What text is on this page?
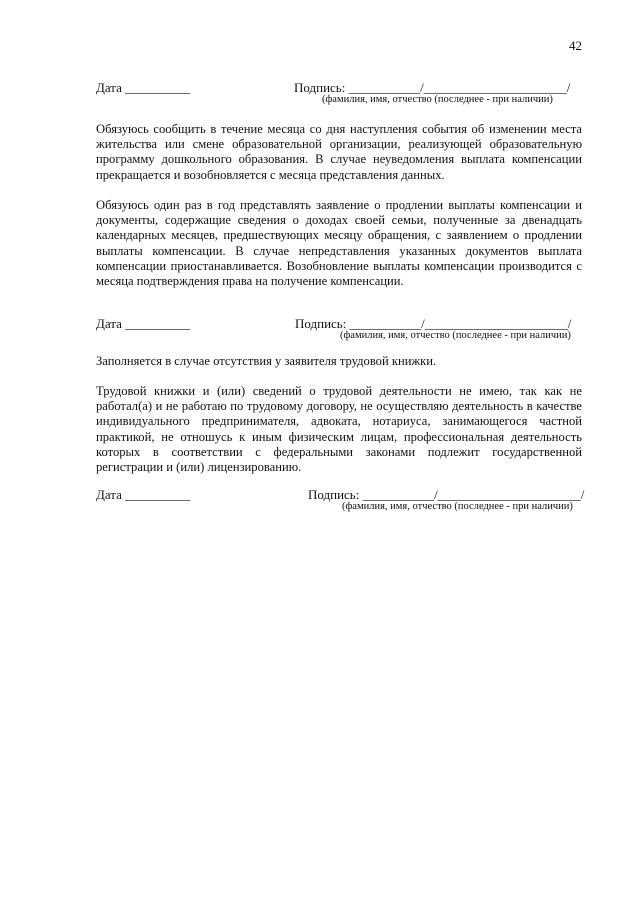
42
Дата __________	Подпись: ___________/______________________/
(фамилия, имя, отчество (последнее - при наличии)

Обязуюсь сообщить в течение месяца со дня наступления события об изменении места жительства или смене образовательной организации, реализующей образовательную программу дошкольного образования. В случае неуведомления выплата компенсации прекращается и возобновляется с месяца представления данных.

Обязуюсь один раз в год представлять заявление о продлении выплаты компенсации и документы, содержащие сведения о доходах своей семьи, полученные за двенадцать календарных месяцев, предшествующих месяцу обращения, с заявлением о продлении выплаты компенсации. В случае непредставления указанных документов выплата компенсации приостанавливается. Возобновление выплаты компенсации производится с месяца подтверждения права на получение компенсации.

Дата __________	Подпись: ___________/______________________/
(фамилия, имя, отчество (последнее - при наличии)

Заполняется в случае отсутствия у заявителя трудовой книжки.

Трудовой книжки и (или) сведений о трудовой деятельности не имею, так как не работал(а) и не работаю по трудовому договору, не осуществляю деятельность в качестве индивидуального предпринимателя, адвоката, нотариуса, занимающегося частной практикой, не отношусь к иным физическим лицам, профессиональная деятельность которых в соответствии с федеральными законами подлежит государственной регистрации и (или) лицензированию.

Дата __________	Подпись: ___________/______________________/
(фамилия, имя, отчество (последнее - при наличии)
